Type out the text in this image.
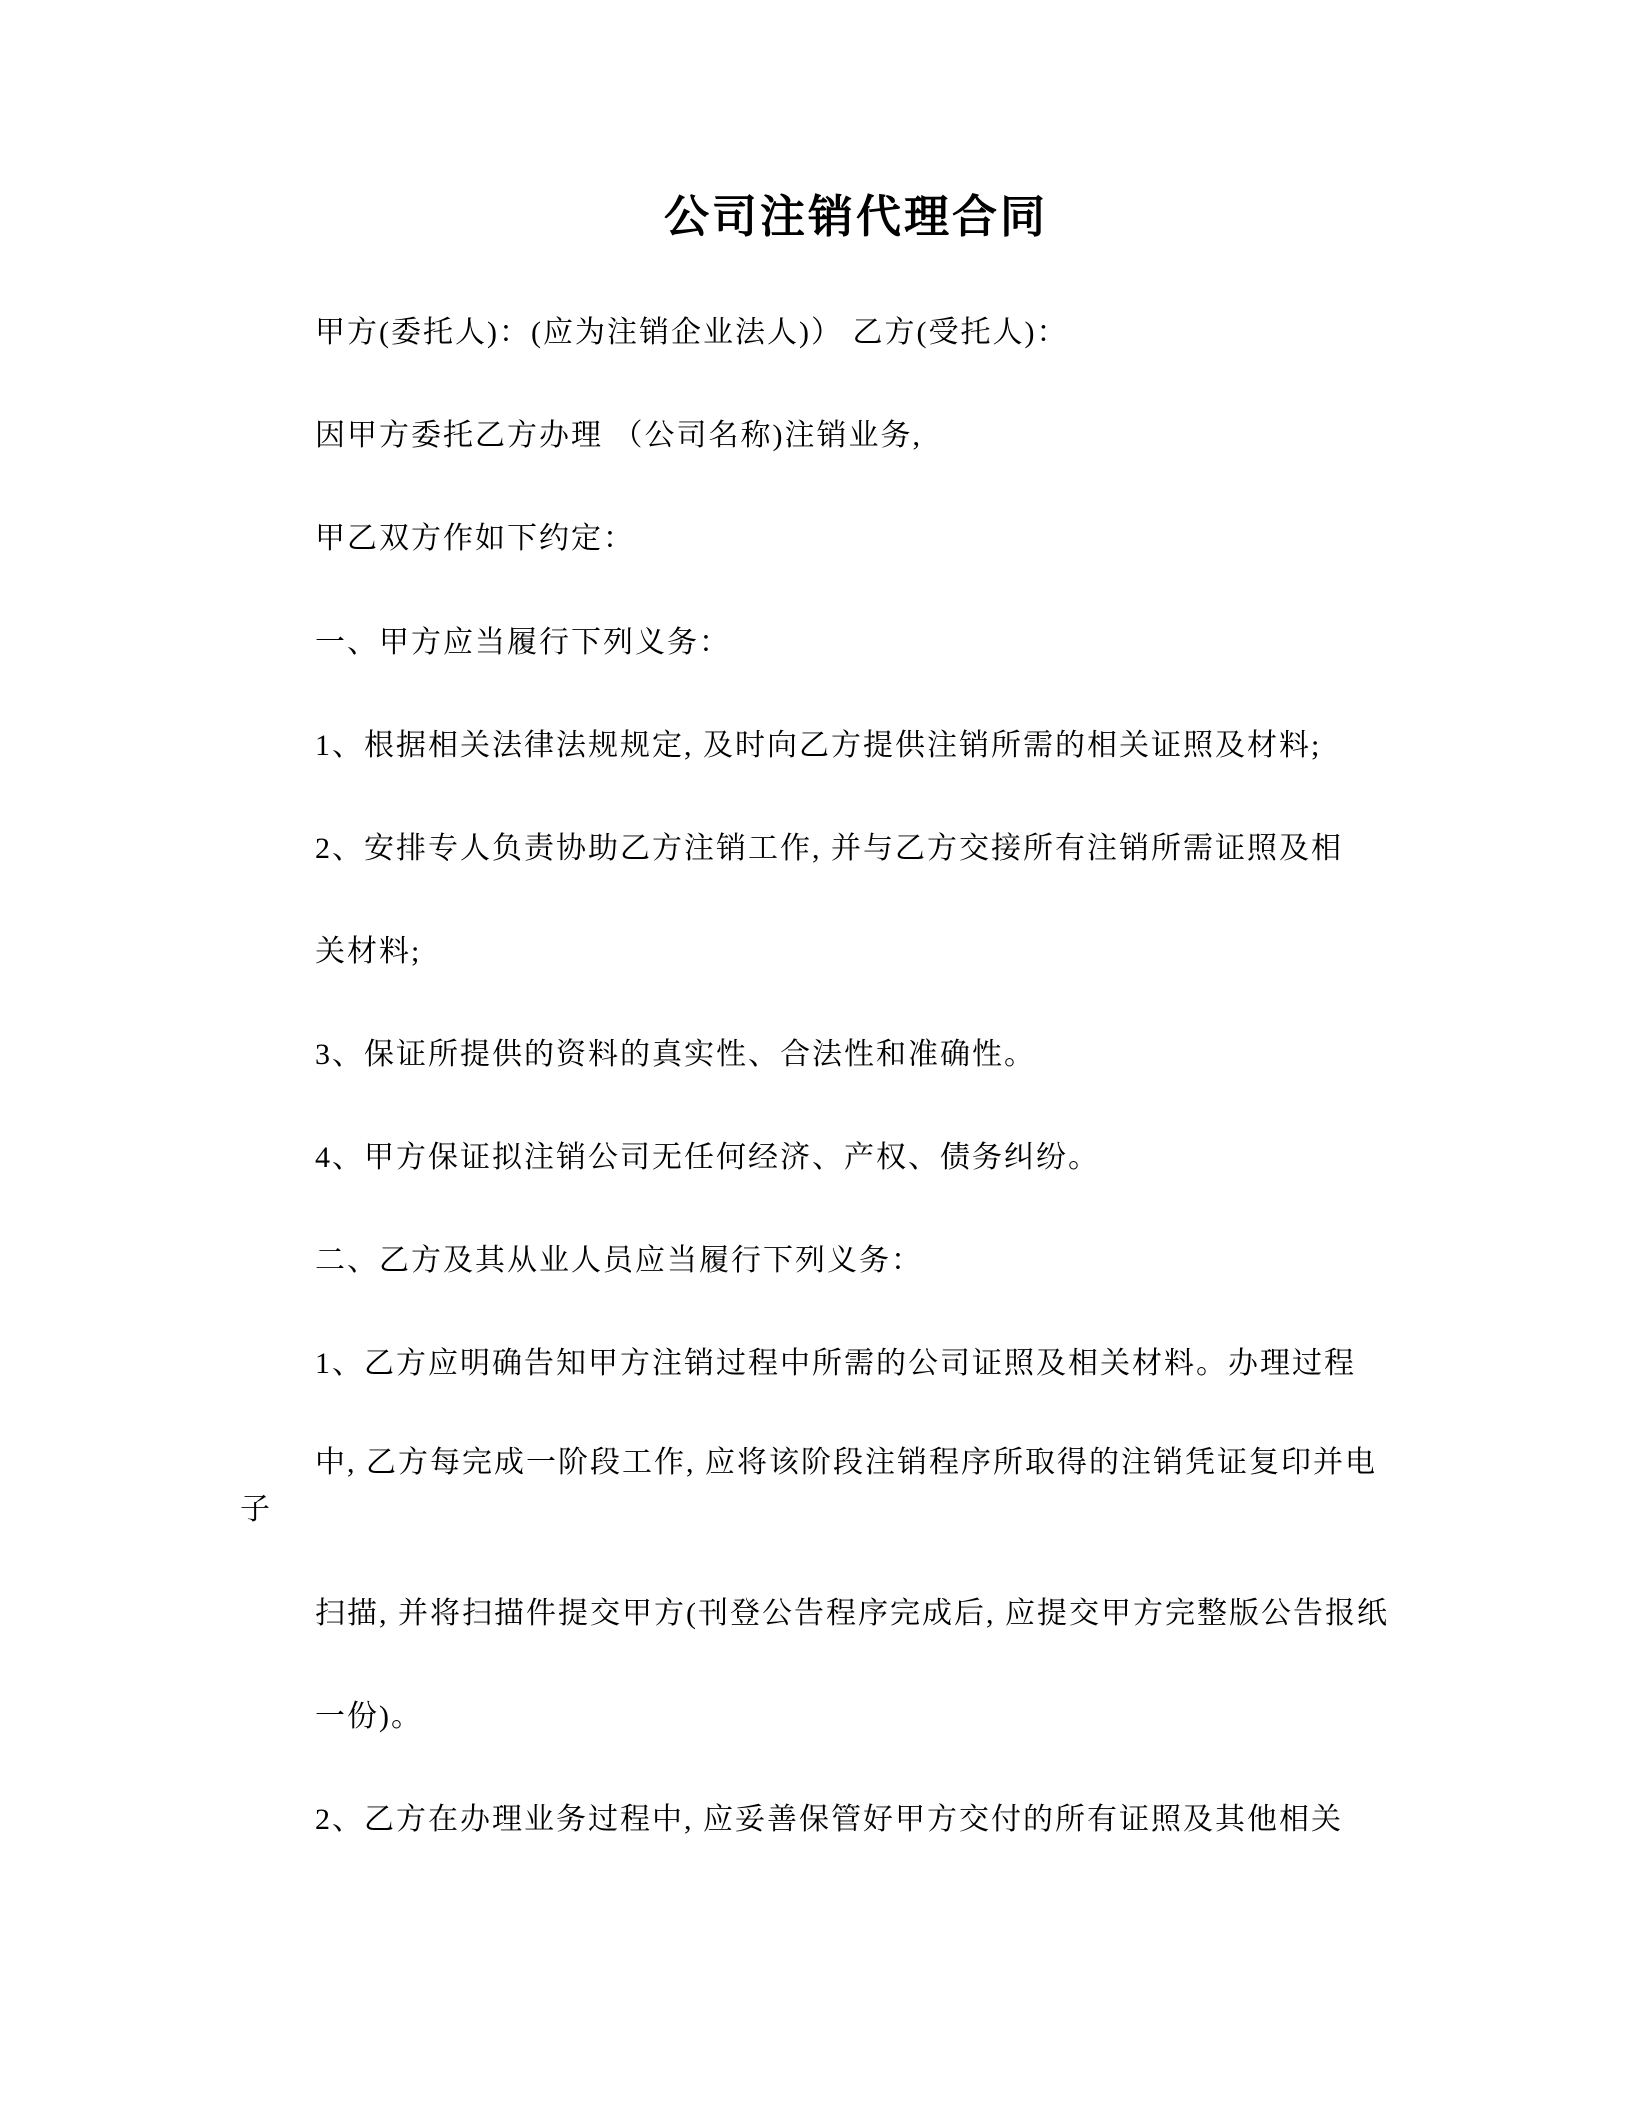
公司注销代理合同
甲方(委托人)：(应为注销企业法人)） 乙方(受托人)：
因甲方委托乙方办理 （公司名称)注销业务,
甲乙双方作如下约定：
一、甲方应当履行下列义务：
1、根据相关法律法规规定, 及时向乙方提供注销所需的相关证照及材料;
2、安排专人负责协助乙方注销工作, 并与乙方交接所有注销所需证照及相
关材料;
3、保证所提供的资料的真实性、合法性和准确性。
4、甲方保证拟注销公司无任何经济、产权、债务纠纷。
二、乙方及其从业人员应当履行下列义务：
1、乙方应明确告知甲方注销过程中所需的公司证照及相关材料。办理过程
中, 乙方每完成一阶段工作, 应将该阶段注销程序所取得的注销凭证复印并电
子
扫描, 并将扫描件提交甲方(刊登公告程序完成后, 应提交甲方完整版公告报纸
一份)。
2、乙方在办理业务过程中, 应妥善保管好甲方交付的所有证照及其他相关
